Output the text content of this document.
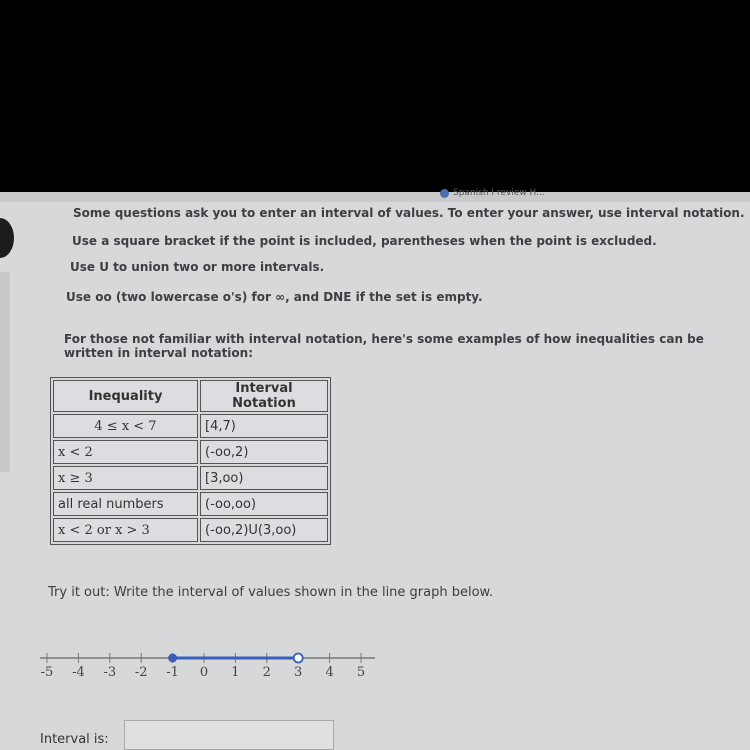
Spanish I review H...
Some questions ask you to enter an interval of values. To enter your answer, use interval notation.
Use a square bracket if the point is included, parentheses when the point is excluded.
Use U to union two or more intervals.
Use oo (two lowercase o's) for ∞, and DNE if the set is empty.
For those not familiar with interval notation, here's some examples of how inequalities can be written in interval notation:
Inequality	Interval Notation
4 ≤ x < 7	[4,7)
x < 2	(-oo,2)
x ≥ 3	[3,oo)
all real numbers	(-oo,oo)
x < 2 or x > 3	(-oo,2)U(3,oo)
Try it out: Write the interval of values shown in the line graph below.
-5 -4 -3 -2 -1 0 1 2 3 4 5
Interval is:
